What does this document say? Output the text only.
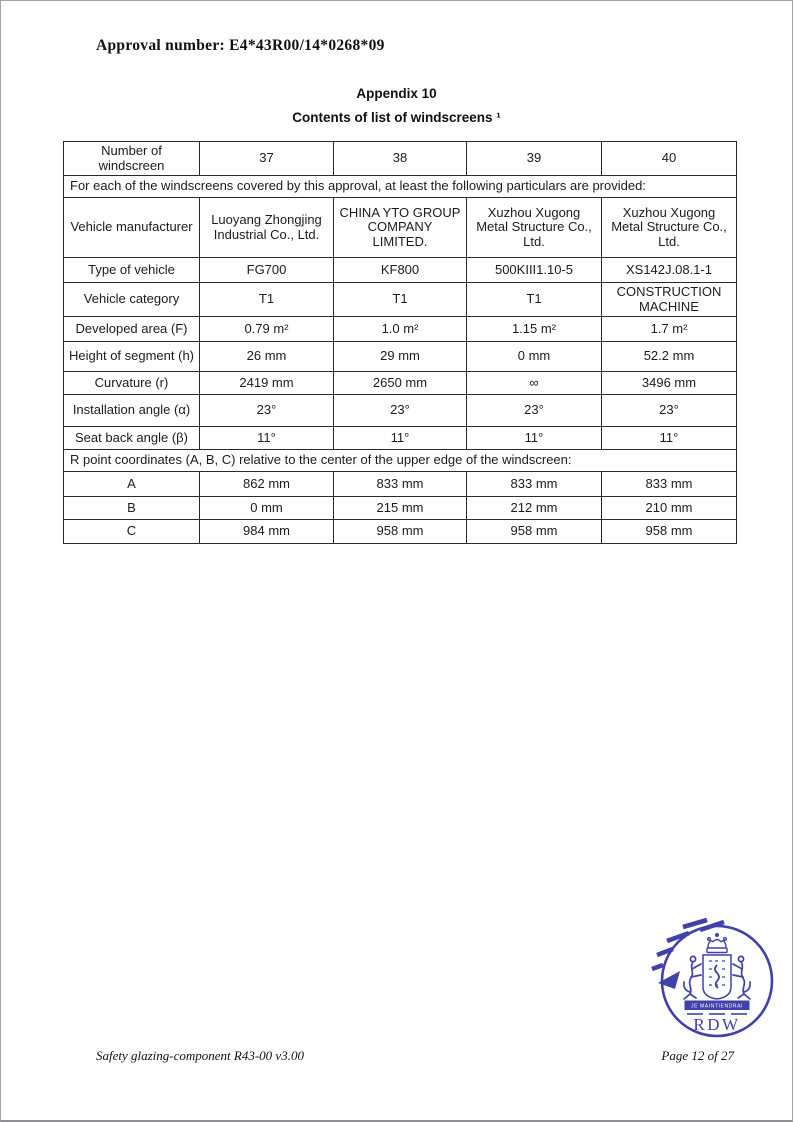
Approval number: E4*43R00/14*0268*09
Appendix 10
Contents of list of windscreens ¹
Number of windscreen	37	38	39	40
For each of the windscreens covered by this approval, at least the following particulars are provided:				
Vehicle manufacturer	Luoyang Zhongjing Industrial Co., Ltd.	CHINA YTO GROUP COMPANY LIMITED.	Xuzhou Xugong Metal Structure Co., Ltd.	Xuzhou Xugong Metal Structure Co., Ltd.
Type of vehicle	FG700	KF800	500KIII1.10-5	XS142J.08.1-1
Vehicle category	T1	T1	T1	CONSTRUCTION MACHINE
Developed area (F)	0.79 m²	1.0 m²	1.15 m²	1.7 m²
Height of segment (h)	26 mm	29 mm	0 mm	52.2 mm
Curvature (r)	2419 mm	2650 mm	∞	3496 mm
Installation angle (α)	23°	23°	23°	23°
Seat back angle (β)	11°	11°	11°	11°
R point coordinates (A, B, C) relative to the center of the upper edge of the windscreen:				
A	862 mm	833 mm	833 mm	833 mm
B	0 mm	215 mm	212 mm	210 mm
C	984 mm	958 mm	958 mm	958 mm
JE MAINTIENDRAI
RDW
Safety glazing-component R43-00 v3.00	Page 12 of 27
